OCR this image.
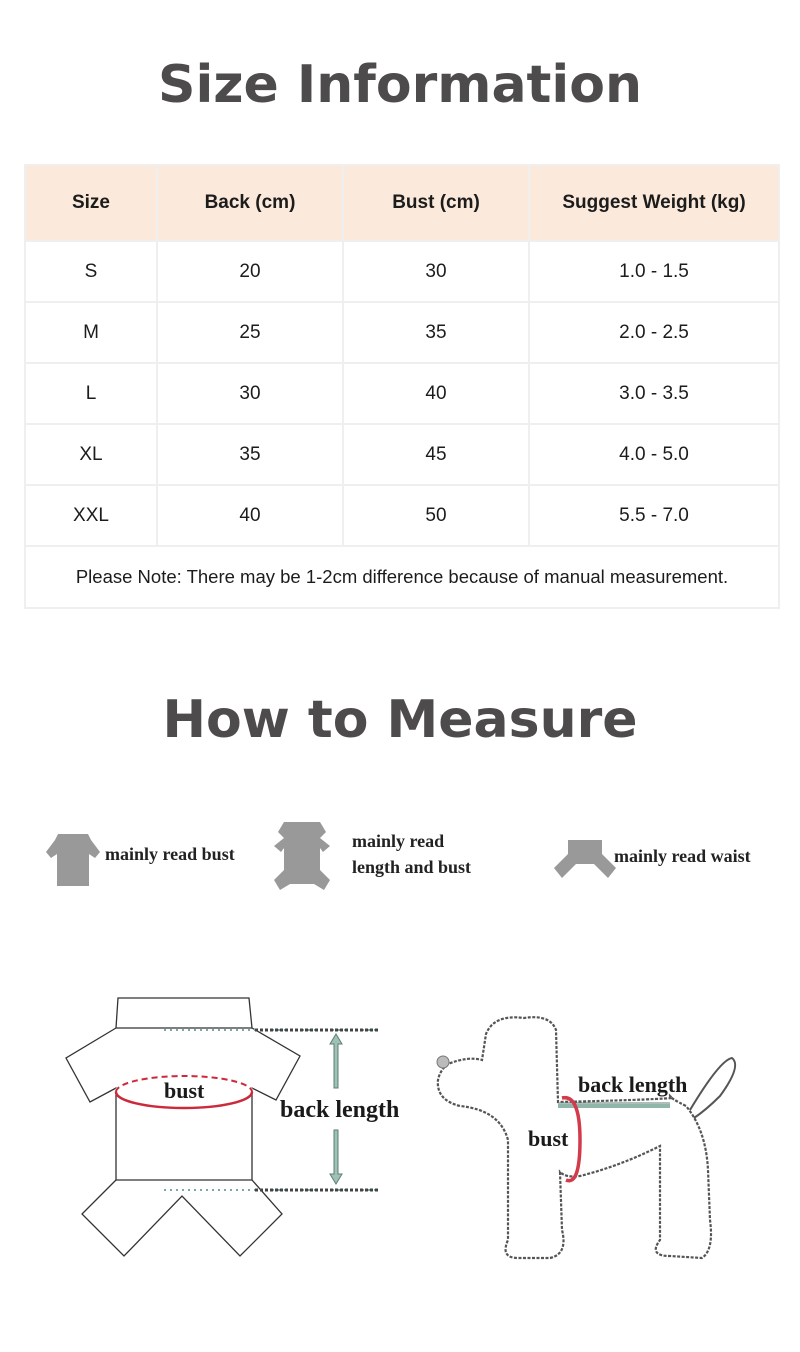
Size Information
Size	Back (cm)	Bust (cm)	Suggest Weight (kg)
S	20	30	1.0 - 1.5
M	25	35	2.0 - 2.5
L	30	40	3.0 - 3.5
XL	35	45	4.0 - 5.0
XXL	40	50	5.5 - 7.0
Please Note: There may be 1-2cm difference because of manual measurement.			
How to Measure
mainly read bust
mainly read
length and bust
mainly read waist
bust
back length
back length
bust
